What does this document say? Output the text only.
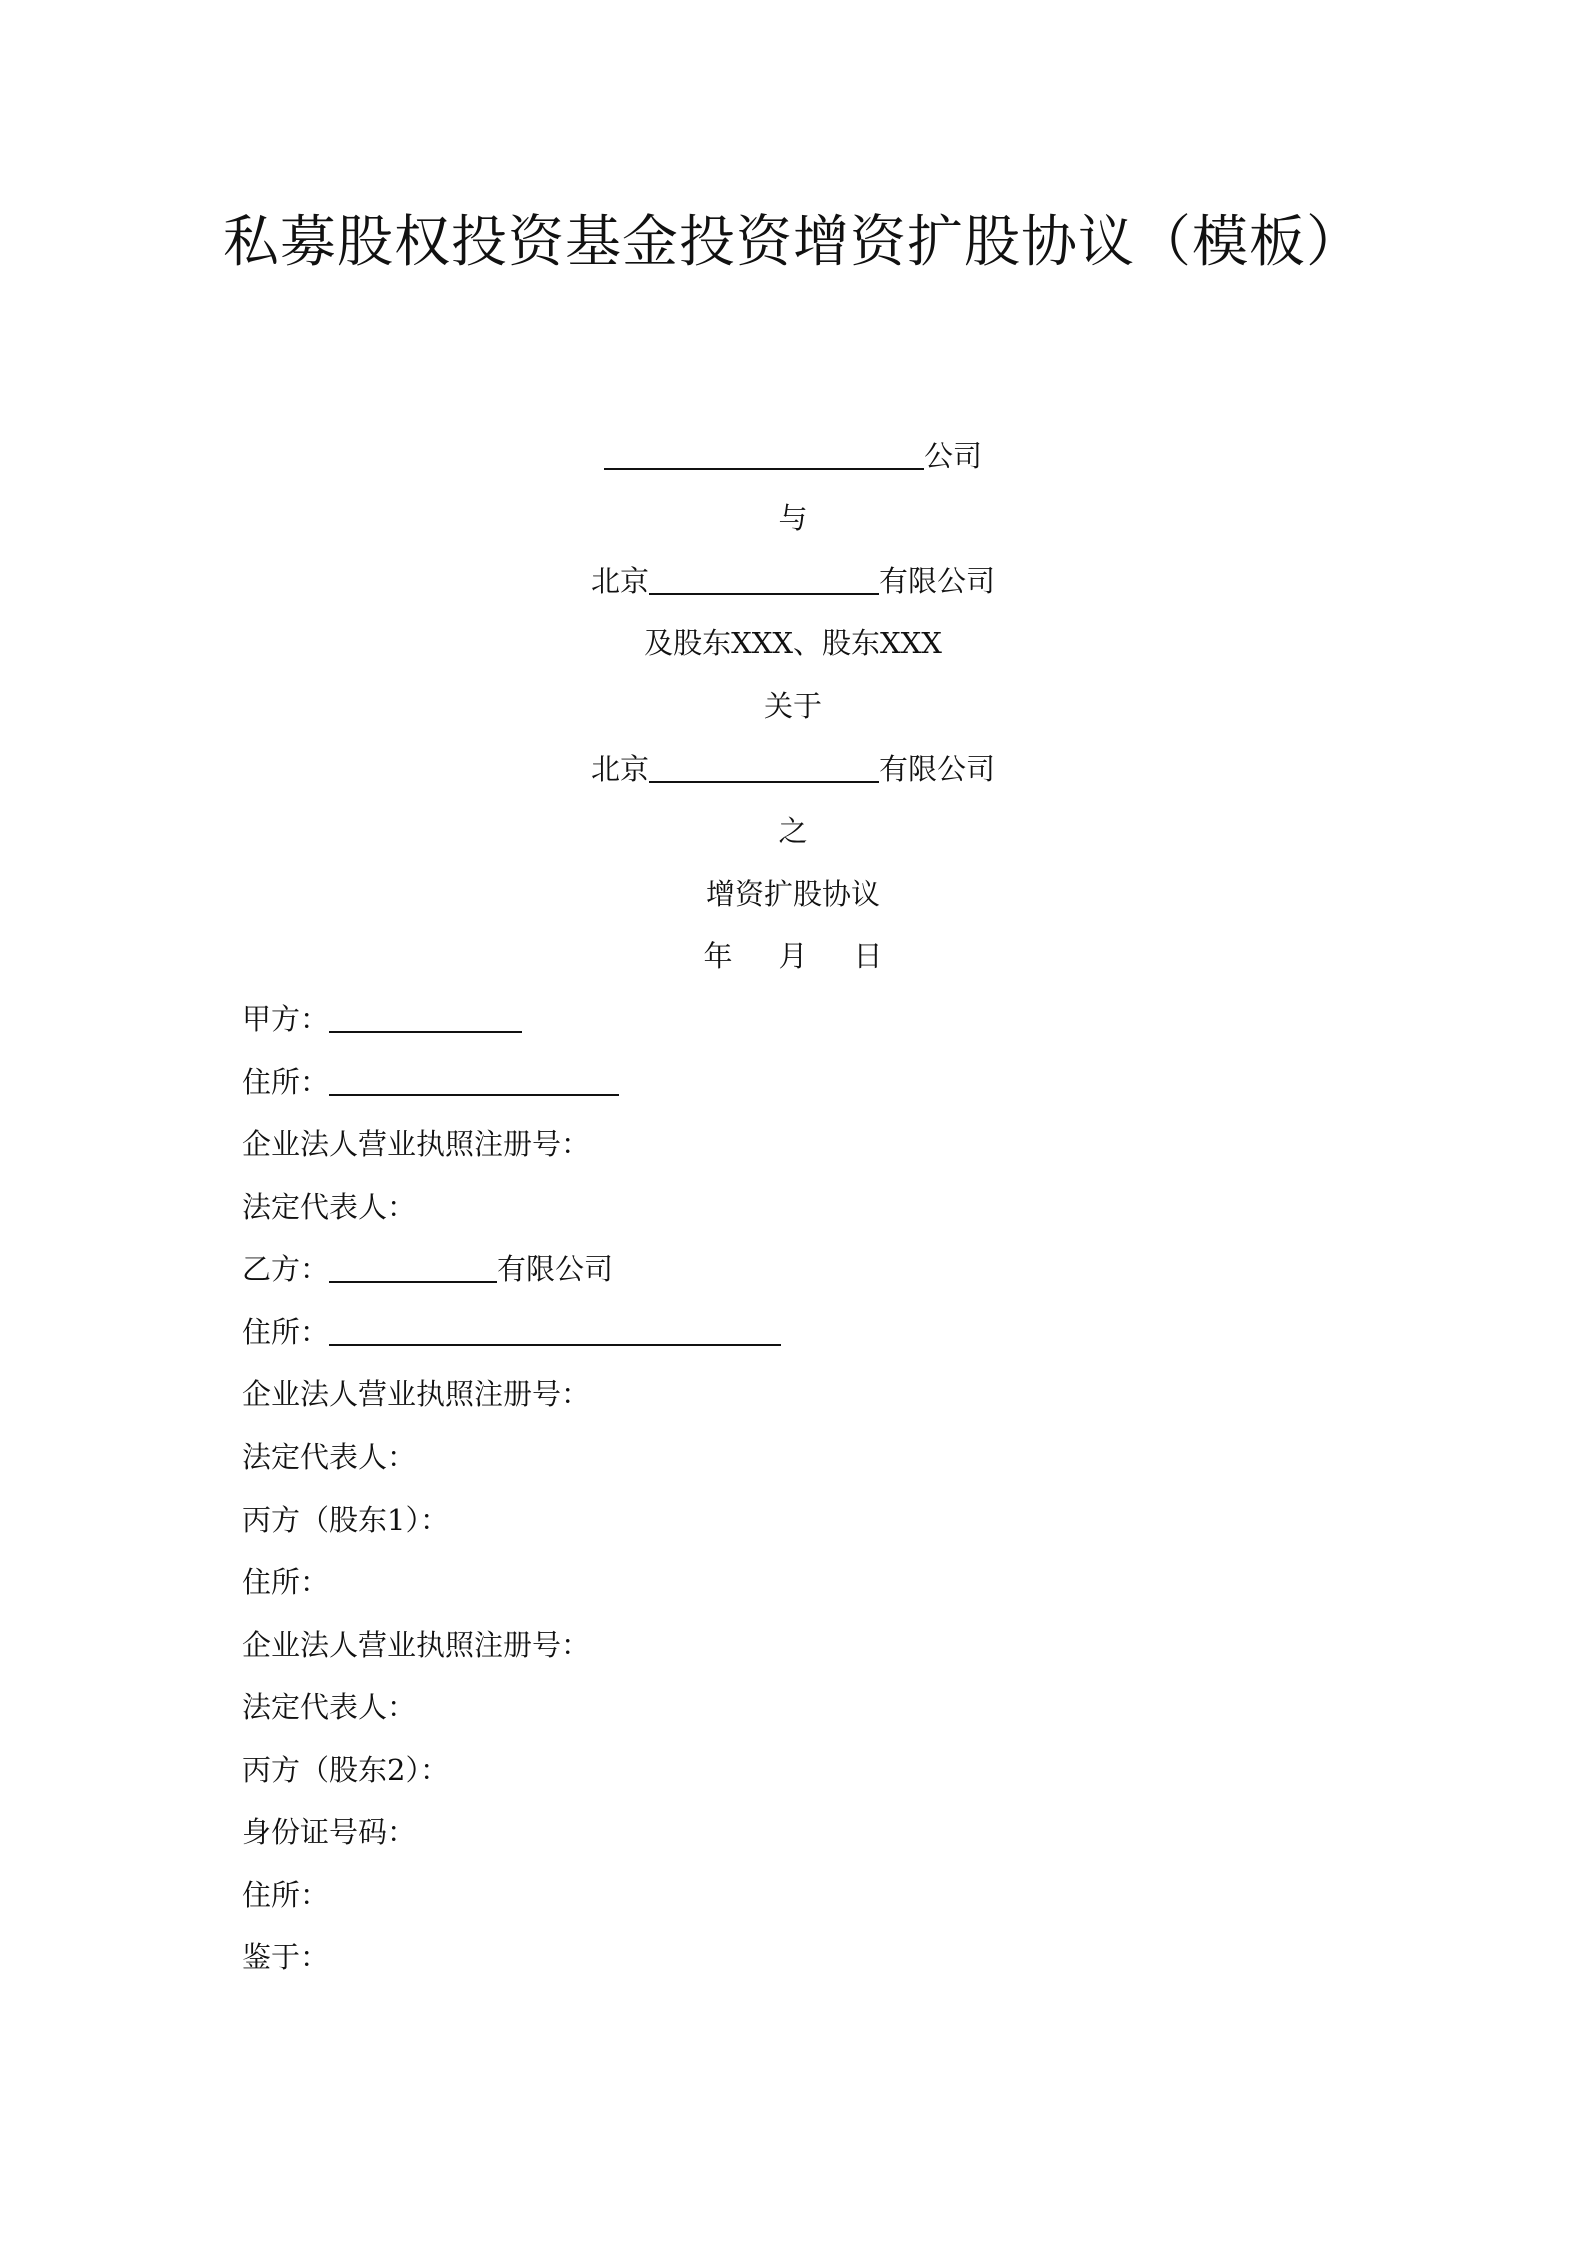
私募股权投资基金投资增资扩股协议（模板）
公司
与
北京	有限公司
及股东XXX、股东XXX
关于
北京	有限公司
之
增资扩股协议
年 月 日
甲方：
住所：
企业法人营业执照注册号：
法定代表人：
乙方：	有限公司
住所：
企业法人营业执照注册号：
法定代表人：
丙方（股东1）：
住所：
企业法人营业执照注册号：
法定代表人：
丙方（股东2）：
身份证号码：
住所：
鉴于：
